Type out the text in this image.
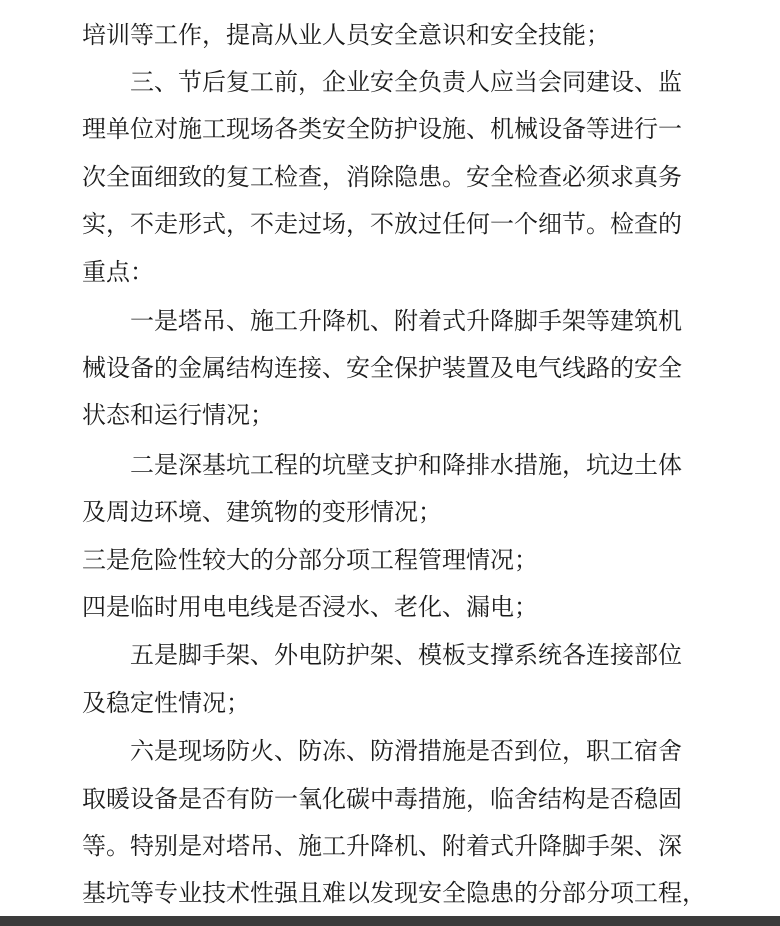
培训等工作，提高从业人员安全意识和安全技能；
三、节后复工前，企业安全负责人应当会同建设、监
理单位对施工现场各类安全防护设施、机械设备等进行一
次全面细致的复工检查，消除隐患。安全检查必须求真务
实，不走形式，不走过场，不放过任何一个细节。检查的
重点：
一是塔吊、施工升降机、附着式升降脚手架等建筑机
械设备的金属结构连接、安全保护装置及电气线路的安全
状态和运行情况；
二是深基坑工程的坑壁支护和降排水措施，坑边土体
及周边环境、建筑物的变形情况；
三是危险性较大的分部分项工程管理情况；
四是临时用电电线是否浸水、老化、漏电；
五是脚手架、外电防护架、模板支撑系统各连接部位
及稳定性情况；
六是现场防火、防冻、防滑措施是否到位，职工宿舍
取暖设备是否有防一氧化碳中毒措施，临舍结构是否稳固
等。特别是对塔吊、施工升降机、附着式升降脚手架、深
基坑等专业技术性强且难以发现安全隐患的分部分项工程，
